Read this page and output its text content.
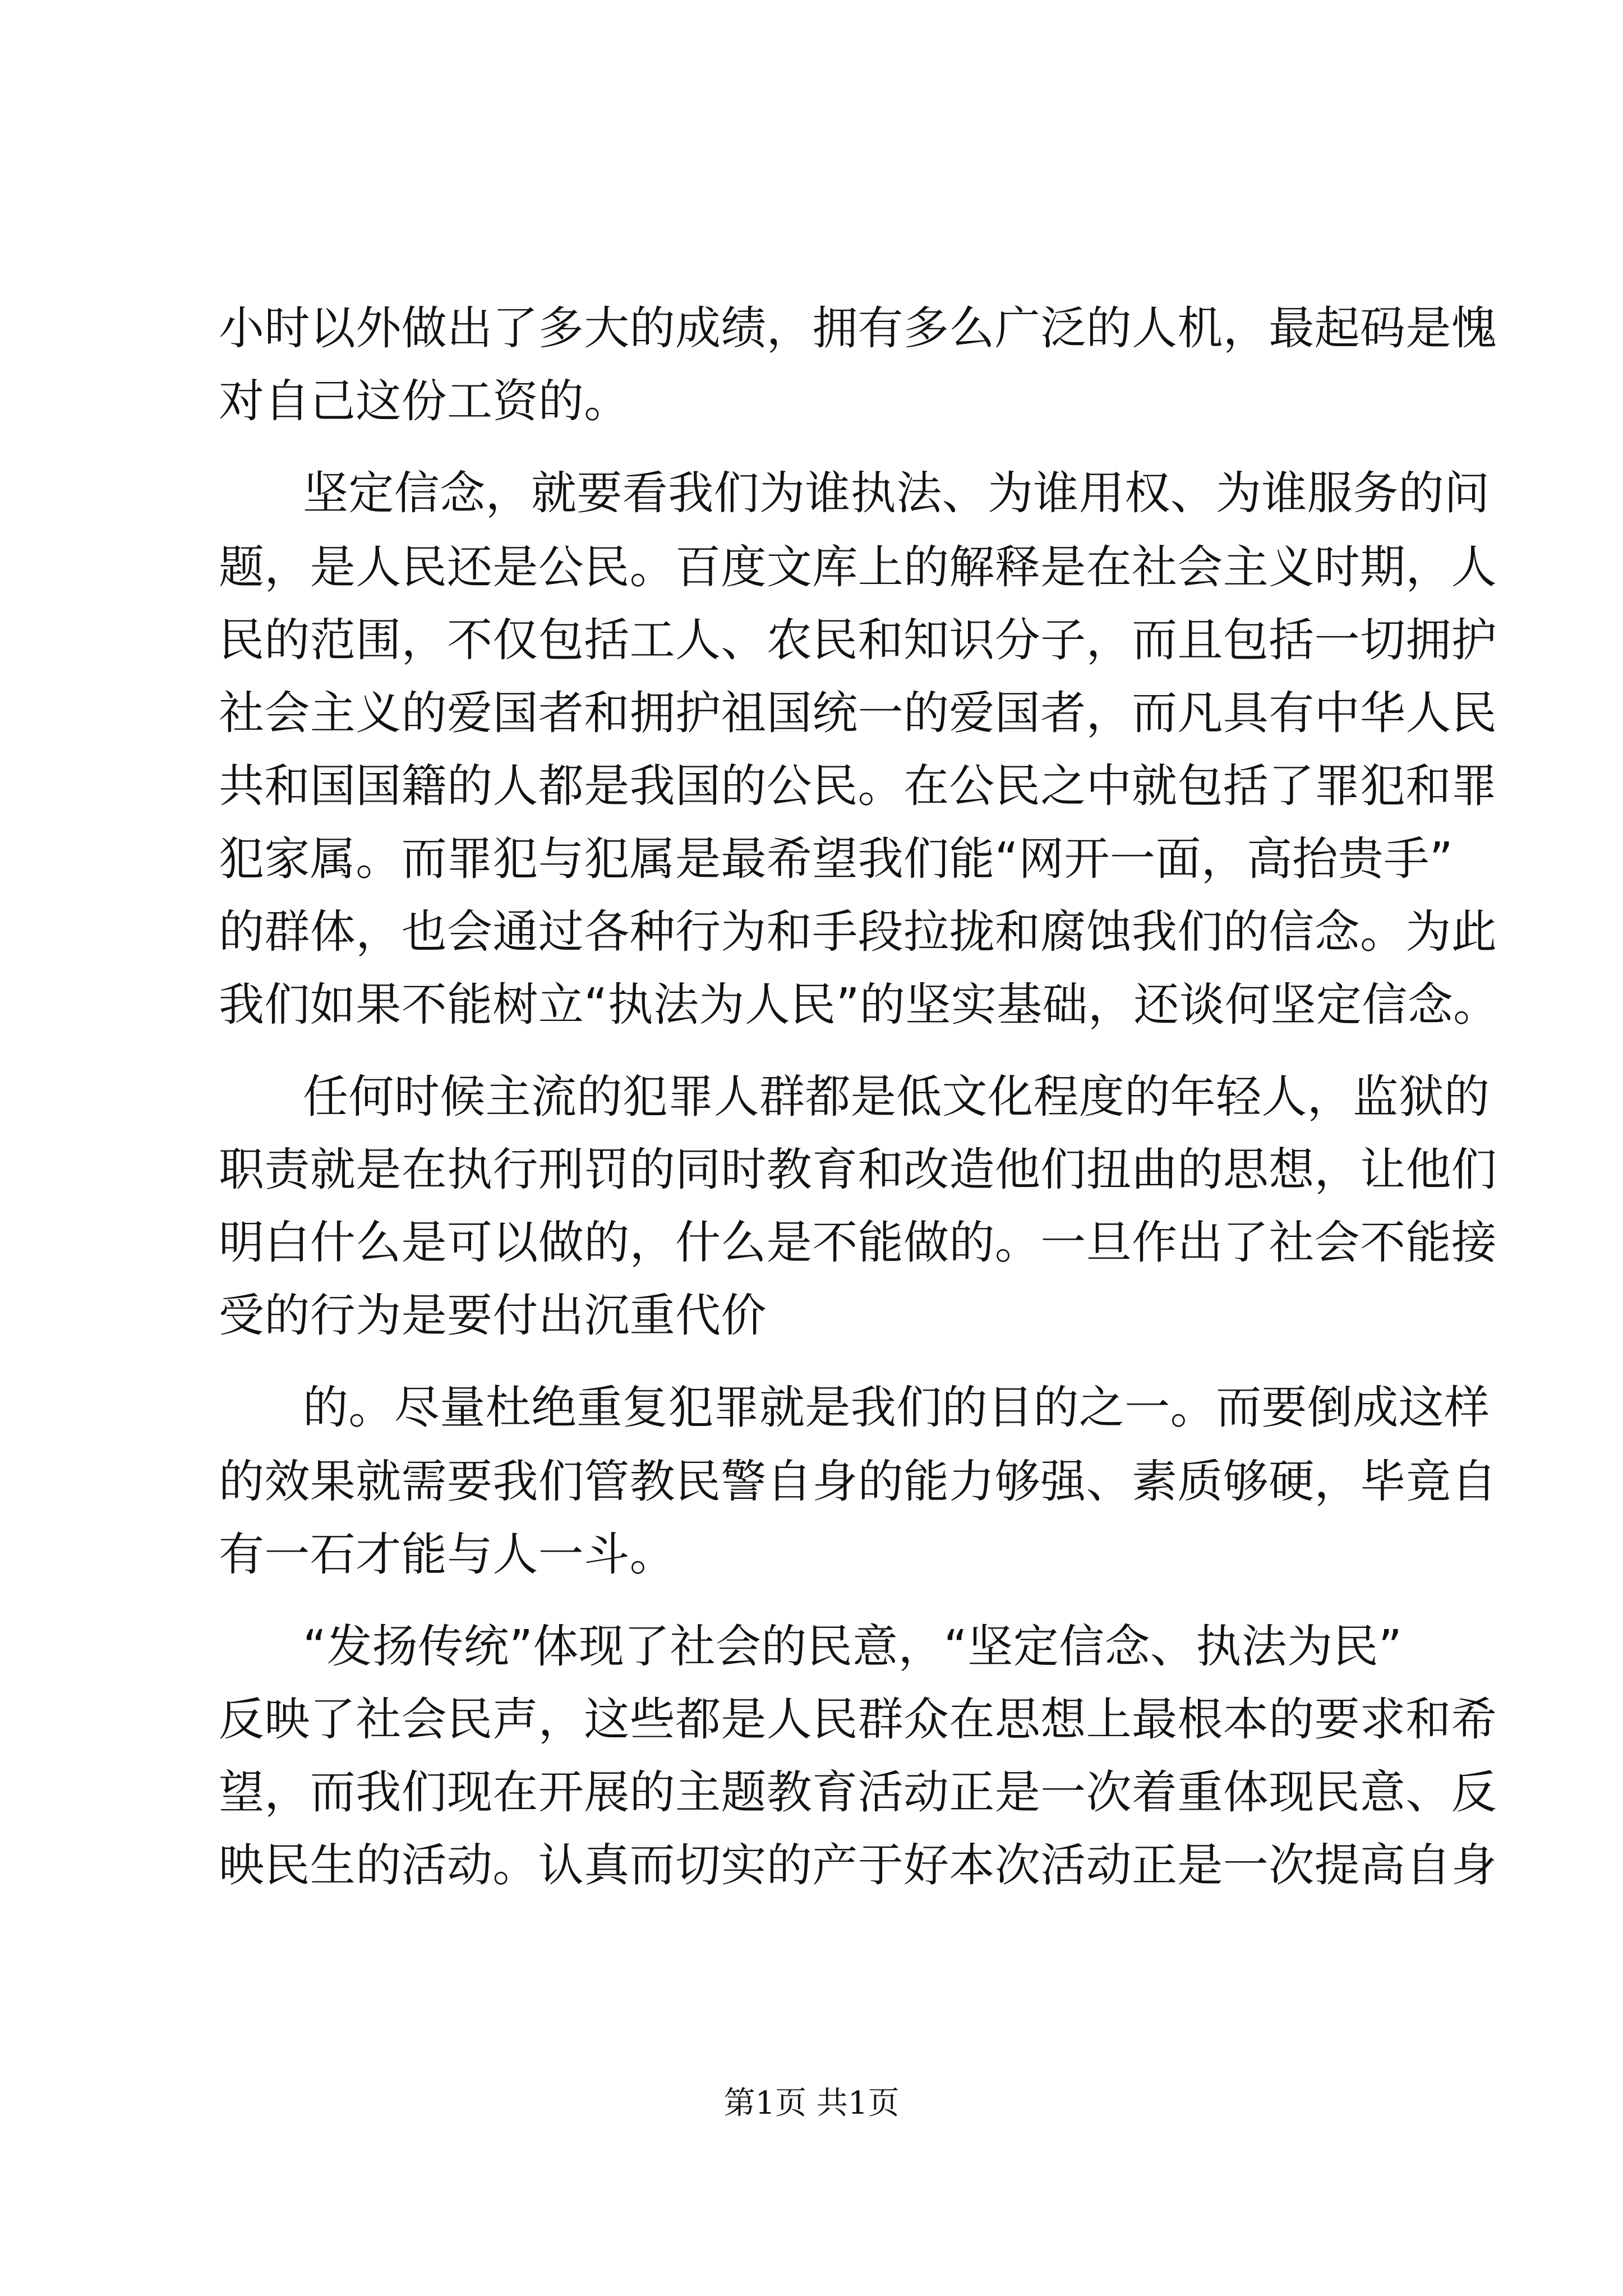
小时以外做出了多大的成绩，拥有多么广泛的人机，最起码是愧
对自己这份工资的。
坚定信念，就要看我们为谁执法、为谁用权、为谁服务的问
题，是人民还是公民。百度文库上的解释是在社会主义时期，人
民的范围，不仅包括工人、农民和知识分子，而且包括一切拥护
社会主义的爱国者和拥护祖国统一的爱国者，而凡具有中华人民
共和国国籍的人都是我国的公民。在公民之中就包括了罪犯和罪
犯家属。而罪犯与犯属是最希望我们能“网开一面，高抬贵手”
的群体，也会通过各种行为和手段拉拢和腐蚀我们的信念。为此
我们如果不能树立“执法为人民”的坚实基础，还谈何坚定信念。
任何时候主流的犯罪人群都是低文化程度的年轻人，监狱的
职责就是在执行刑罚的同时教育和改造他们扭曲的思想，让他们
明白什么是可以做的，什么是不能做的。一旦作出了社会不能接
受的行为是要付出沉重代价
的。尽量杜绝重复犯罪就是我们的目的之一。而要倒成这样
的效果就需要我们管教民警自身的能力够强、素质够硬，毕竟自
有一石才能与人一斗。
“发扬传统”体现了社会的民意，“坚定信念、执法为民”
反映了社会民声，这些都是人民群众在思想上最根本的要求和希
望，而我们现在开展的主题教育活动正是一次着重体现民意、反
映民生的活动。认真而切实的产于好本次活动正是一次提高自身
第1页 共1页
